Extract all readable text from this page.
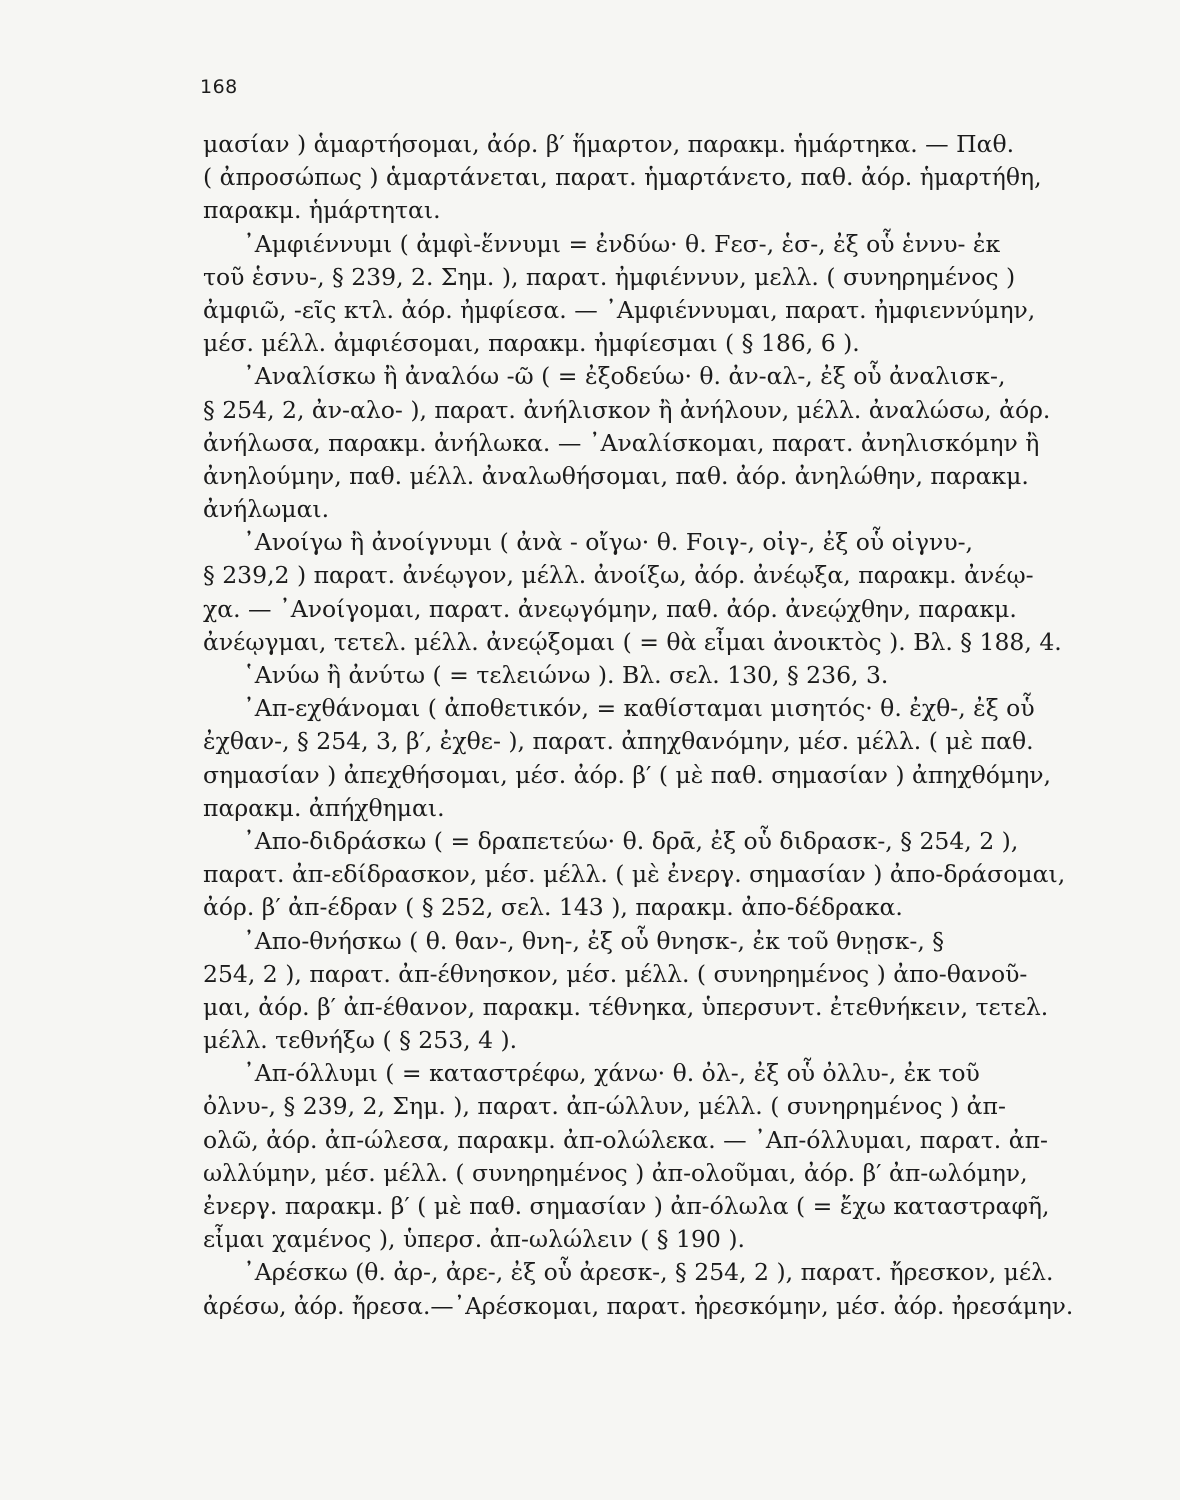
168
μασίαν ) ἁμαρτήσομαι, ἀόρ. β′ ἥμαρτον, παρακμ. ἡμάρτηκα. — Παθ.
( ἀπροσώπως ) ἁμαρτάνεται, παρατ. ἡμαρτάνετο, παθ. ἀόρ. ἡμαρτήθη,
παρακμ. ἡμάρτηται.
᾿Αμφιέννυμι ( ἀμφὶ-ἕννυμι = ἐνδύω· θ. Fεσ-, ἑσ-, ἐξ οὗ ἑννυ- ἐκ
τοῦ ἑσνυ-, § 239, 2. Σημ. ), παρατ. ἠμφιέννυν, μελλ. ( συνηρημένος )
ἀμφιῶ, -εῖς κτλ. ἀόρ. ἠμφίεσα. — ᾿Αμφιέννυμαι, παρατ. ἠμφιεννύμην,
μέσ. μέλλ. ἀμφιέσομαι, παρακμ. ἠμφίεσμαι ( § 186, 6 ).
᾿Αναλίσκω ἢ ἀναλόω -ῶ ( = ἐξοδεύω· θ. ἀν-αλ-, ἐξ οὗ ἀναλισκ-,
§ 254, 2, ἀν-αλο- ), παρατ. ἀνήλισκον ἢ ἀνήλουν, μέλλ. ἀναλώσω, ἀόρ.
ἀνήλωσα, παρακμ. ἀνήλωκα. — ᾿Αναλίσκομαι, παρατ. ἀνηλισκόμην ἢ
ἀνηλούμην, παθ. μέλλ. ἀναλωθήσομαι, παθ. ἀόρ. ἀνηλώθην, παρακμ.
ἀνήλωμαι.
᾿Ανοίγω ἢ ἀνοίγνυμι ( ἀνὰ - οἴγω· θ. Fοιγ-, οἰγ-, ἐξ οὗ οἰγνυ-,
§ 239,2 ) παρατ. ἀνέῳγον, μέλλ. ἀνοίξω, ἀόρ. ἀνέῳξα, παρακμ. ἀνέῳ-
χα. — ᾿Ανοίγομαι, παρατ. ἀνεῳγόμην, παθ. ἀόρ. ἀνεῴχθην, παρακμ.
ἀνέῳγμαι, τετελ. μέλλ. ἀνεῴξομαι ( = θὰ εἶμαι ἀνοικτὸς ). Βλ. § 188, 4.
῾Ανύω ἢ ἀνύτω ( = τελειώνω ). Βλ. σελ. 130, § 236, 3.
᾿Απ-εχθάνομαι ( ἀποθετικόν, = καθίσταμαι μισητός· θ. ἐχθ-, ἐξ οὗ
ἐχθαν-, § 254, 3, β′, ἐχθε- ), παρατ. ἀπηχθανόμην, μέσ. μέλλ. ( μὲ παθ.
σημασίαν ) ἀπεχθήσομαι, μέσ. ἀόρ. β′ ( μὲ παθ. σημασίαν ) ἀπηχθόμην,
παρακμ. ἀπήχθημαι.
᾿Απο-διδράσκω ( = δραπετεύω· θ. δρᾱ, ἐξ οὗ διδρασκ-, § 254, 2 ),
παρατ. ἀπ-εδίδρασκον, μέσ. μέλλ. ( μὲ ἐνεργ. σημασίαν ) ἀπο-δράσομαι,
ἀόρ. β′ ἀπ-έδραν ( § 252, σελ. 143 ), παρακμ. ἀπο-δέδρακα.
᾿Απο-θνήσκω ( θ. θαν-, θνη-, ἐξ οὗ θνησκ-, ἐκ τοῦ θνῃσκ-, §
254, 2 ), παρατ. ἀπ-έθνησκον, μέσ. μέλλ. ( συνηρημένος ) ἀπο-θανοῦ-
μαι, ἀόρ. β′ ἀπ-έθανον, παρακμ. τέθνηκα, ὑπερσυντ. ἐτεθνήκειν, τετελ.
μέλλ. τεθνήξω ( § 253, 4 ).
᾿Απ-όλλυμι ( = καταστρέφω, χάνω· θ. ὀλ-, ἐξ οὗ ὀλλυ-, ἐκ τοῦ
ὀλνυ-, § 239, 2, Σημ. ), παρατ. ἀπ-ώλλυν, μέλλ. ( συνηρημένος ) ἀπ-
ολῶ, ἀόρ. ἀπ-ώλεσα, παρακμ. ἀπ-ολώλεκα. — ᾿Απ-όλλυμαι, παρατ. ἀπ-
ωλλύμην, μέσ. μέλλ. ( συνηρημένος ) ἀπ-ολοῦμαι, ἀόρ. β′ ἀπ-ωλόμην,
ἐνεργ. παρακμ. β′ ( μὲ παθ. σημασίαν ) ἀπ-όλωλα ( = ἔχω καταστραφῆ,
εἶμαι χαμένος ), ὑπερσ. ἀπ-ωλώλειν ( § 190 ).
᾿Αρέσκω (θ. ἀρ-, ἀρε-, ἐξ οὗ ἀρεσκ-, § 254, 2 ), παρατ. ἤρεσκον, μέλ.
ἀρέσω, ἀόρ. ἤρεσα.—᾿Αρέσκομαι, παρατ. ἠρεσκόμην, μέσ. ἀόρ. ἠρεσάμην.
